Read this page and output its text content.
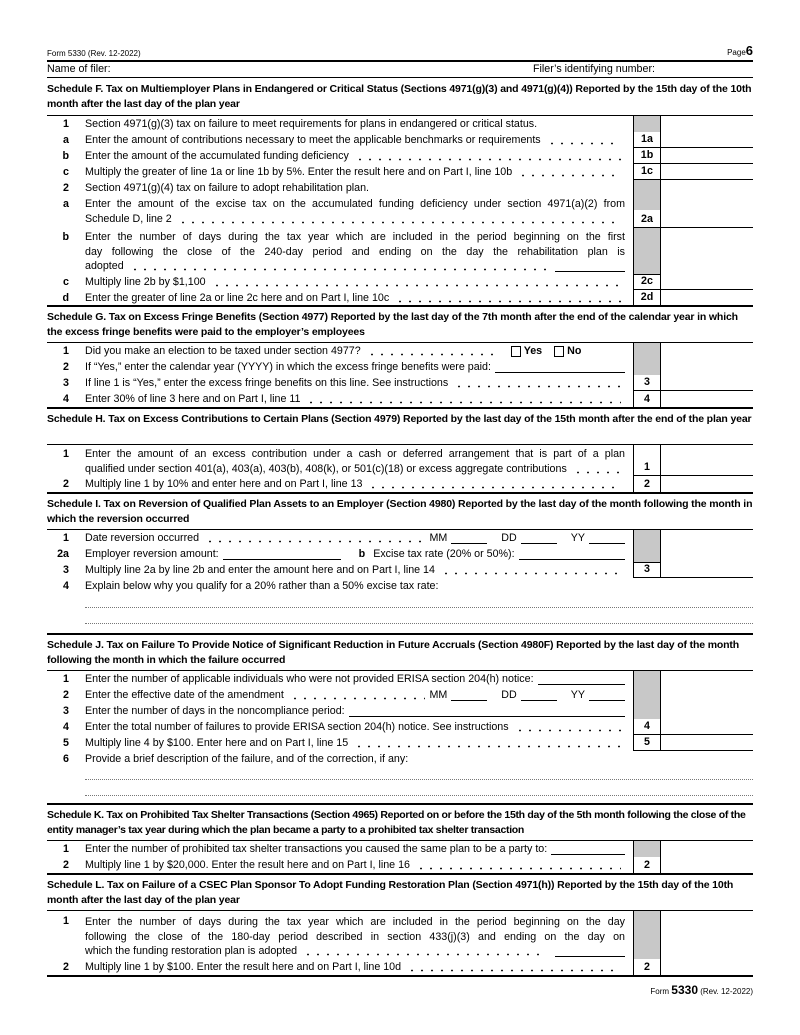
Form 5330 (Rev. 12-2022)	Page6
Name of filer:	Filer’s identifying number:
Schedule F. Tax on Multiemployer Plans in Endangered or Critical Status (Sections 4971(g)(3) and 4971(g)(4)) Reported by the 15th day of the 10th month after the last day of the plan year
1	Section 4971(g)(3) tax on failure to meet requirements for plans in endangered or critical status.
a	Enter the amount of contributions necessary to meet the applicable benchmarks or requirements	1a
b	Enter the amount of the accumulated funding deficiency	1b
c	Multiply the greater of line 1a or line 1b by 5%. Enter the result here and on Part I, line 10b	1c
2	Section 4971(g)(4) tax on failure to adopt rehabilitation plan.
a	Enter the amount of the excise tax on the accumulated funding deficiency under section 4971(a)(2) from
Schedule D, line 2	2a
b	Enter the number of days during the tax year which are included in the period beginning on the first
day following the close of the 240-day period and ending on the day the rehabilitation plan is
adopted
c	Multiply line 2b by $1,100	2c
d	Enter the greater of line 2a or line 2c here and on Part I, line 10c	2d
Schedule G. Tax on Excess Fringe Benefits (Section 4977) Reported by the last day of the 7th month after the end of the calendar year in which the excess fringe benefits were paid to the employer’s employees
1	Did you make an election to be taxed under section 4977?	Yes No
2	If “Yes,” enter the calendar year (YYYY) in which the excess fringe benefits were paid:
3	If line 1 is “Yes,” enter the excess fringe benefits on this line. See instructions	3
4	Enter 30% of line 3 here and on Part I, line 11	4
Schedule H. Tax on Excess Contributions to Certain Plans (Section 4979) Reported by the last day of the 15th month after the end of the plan year
1	Enter the amount of an excess contribution under a cash or deferred arrangement that is part of a plan
qualified under section 401(a), 403(a), 403(b), 408(k), or 501(c)(18) or excess aggregate contributions	1
2	Multiply line 1 by 10% and enter here and on Part I, line 13	2
Schedule I. Tax on Reversion of Qualified Plan Assets to an Employer (Section 4980) Reported by the last day of the month following the month in which the reversion occurred
1	Date reversion occurred	MM	DD	YY
2a	Employer reversion amount:	b Excise tax rate (20% or 50%):
3	Multiply line 2a by line 2b and enter the amount here and on Part I, line 14	3
4	Explain below why you qualify for a 20% rather than a 50% excise tax rate:
Schedule J. Tax on Failure To Provide Notice of Significant Reduction in Future Accruals (Section 4980F) Reported by the last day of the month following the month in which the failure occurred
1	Enter the number of applicable individuals who were not provided ERISA section 204(h) notice:
2	Enter the effective date of the amendment	MM	DD	YY
3	Enter the number of days in the noncompliance period:
4	Enter the total number of failures to provide ERISA section 204(h) notice. See instructions	4
5	Multiply line 4 by $100. Enter here and on Part I, line 15	5
6	Provide a brief description of the failure, and of the correction, if any:
Schedule K. Tax on Prohibited Tax Shelter Transactions (Section 4965) Reported on or before the 15th day of the 5th month following the close of the entity manager’s tax year during which the plan became a party to a prohibited tax shelter transaction
1	Enter the number of prohibited tax shelter transactions you caused the same plan to be a party to:
2	Multiply line 1 by $20,000. Enter the result here and on Part I, line 16	2
Schedule L. Tax on Failure of a CSEC Plan Sponsor To Adopt Funding Restoration Plan (Section 4971(h)) Reported by the 15th day of the 10th month after the last day of the plan year
1	Enter the number of days during the tax year which are included in the period beginning on the day
following the close of the 180-day period described in section 433(j)(3) and ending on the day on
which the funding restoration plan is adopted
2	Multiply line 1 by $100. Enter the result here and on Part I, line 10d	2
Form 5330 (Rev. 12-2022)
